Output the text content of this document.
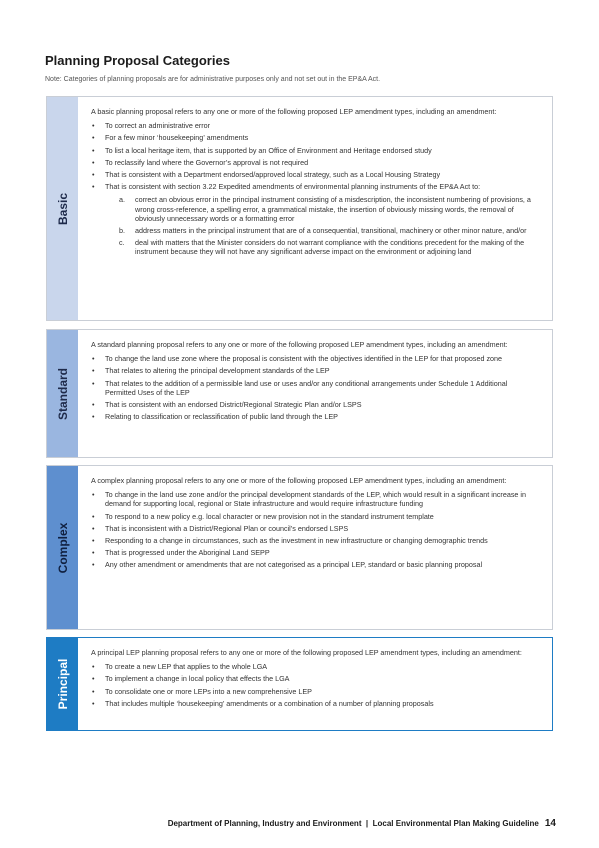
Planning Proposal Categories
Note: Categories of planning proposals are for administrative purposes only and not set out in the EP&A Act.
Basic

A basic planning proposal refers to any one or more of the following proposed LEP amendment types, including an amendment:

• To correct an administrative error
• For a few minor ‘housekeeping’ amendments
• To list a local heritage item, that is supported by an Office of Environment and Heritage endorsed study
• To reclassify land where the Governor’s approval is not required
• That is consistent with a Department endorsed/approved local strategy, such as a Local Housing Strategy
• That is consistent with section 3.22 Expedited amendments of environmental planning instruments of the EP&A Act to:
a. correct an obvious error in the principal instrument consisting of a misdescription, the inconsistent numbering of provisions, a wrong cross-reference, a spelling error, a grammatical mistake, the insertion of obviously missing words, the removal of obviously unnecessary words or a formatting error
b. address matters in the principal instrument that are of a consequential, transitional, machinery or other minor nature, and/or
c. deal with matters that the Minister considers do not warrant compliance with the conditions precedent for the making of the instrument because they will not have any significant adverse impact on the environment or adjoining land
Standard

A standard planning proposal refers to any one or more of the following proposed LEP amendment types, including an amendment:

• To change the land use zone where the proposal is consistent with the objectives identified in the LEP for that proposed zone
• That relates to altering the principal development standards of the LEP
• That relates to the addition of a permissible land use or uses and/or any conditional arrangements under Schedule 1 Additional Permitted Uses of the LEP
• That is consistent with an endorsed District/Regional Strategic Plan and/or LSPS
• Relating to classification or reclassification of public land through the LEP
Complex

A complex planning proposal refers to any one or more of the following proposed LEP amendment types, including an amendment:

• To change in the land use zone and/or the principal development standards of the LEP, which would result in a significant increase in demand for supporting local, regional or State infrastructure and would require infrastructure funding
• To respond to a new policy e.g. local character or new provision not in the standard instrument template
• That is inconsistent with a District/Regional Plan or council’s endorsed LSPS
• Responding to a change in circumstances, such as the investment in new infrastructure or changing demographic trends
• That is progressed under the Aboriginal Land SEPP
• Any other amendment or amendments that are not categorised as a principal LEP, standard or basic planning proposal
Principal

A principal LEP planning proposal refers to any one or more of the following proposed LEP amendment types, including an amendment:

• To create a new LEP that applies to the whole LGA
• To implement a change in local policy that effects the LGA
• To consolidate one or more LEPs into a new comprehensive LEP
• That includes multiple ‘housekeeping’ amendments or a combination of a number of planning proposals
Department of Planning, Industry and Environment  |  Local Environmental Plan Making Guideline 14
